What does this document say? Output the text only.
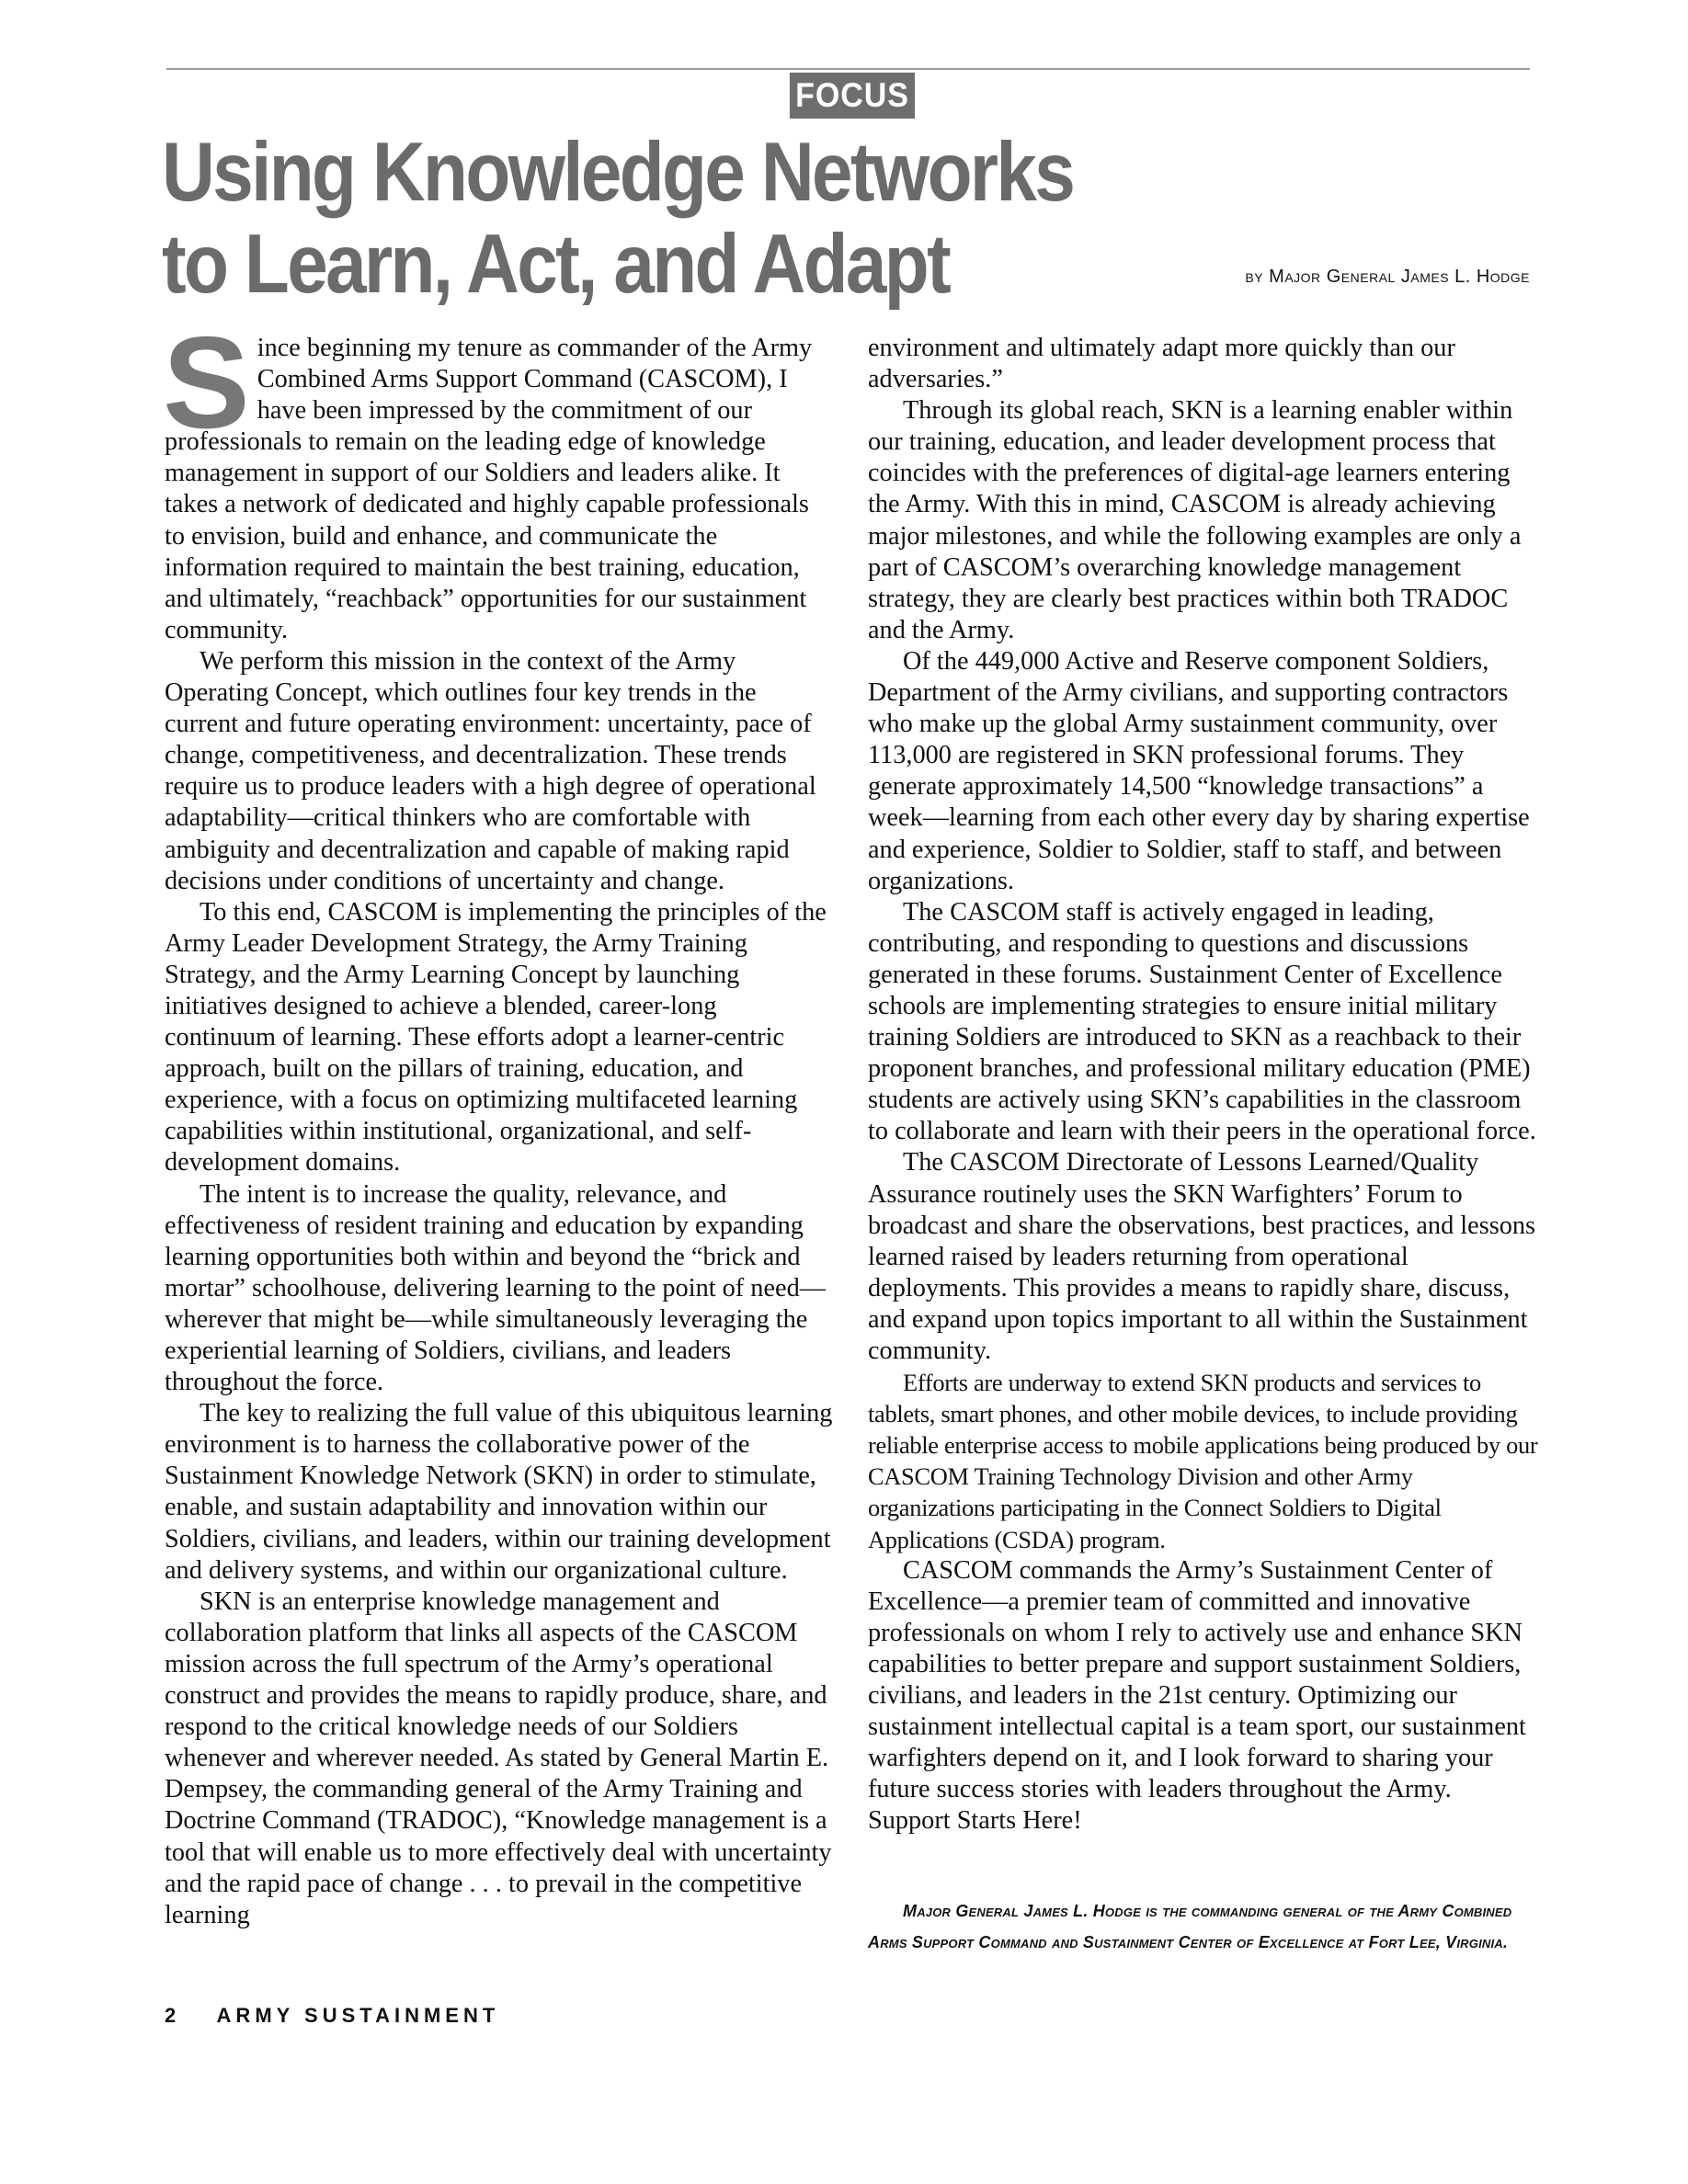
FOCUS
Using Knowledge Networks
to Learn, Act, and Adapt	by Major General James L. Hodge

Since beginning my tenure as commander of the Army Combined Arms Support Command (CASCOM), I have been impressed by the commitment of our professionals to remain on the leading edge of knowledge management in support of our Soldiers and leaders alike. It takes a network of dedicated and highly capable professionals to envision, build and enhance, and communicate the information required to maintain the best training, education, and ultimately, “reachback” opportunities for our sustainment community.

We perform this mission in the context of the Army Operating Concept, which outlines four key trends in the current and future operating environment: uncertainty, pace of change, competitiveness, and decentralization. These trends require us to produce leaders with a high degree of operational adaptability—critical thinkers who are comfortable with ambiguity and decentralization and capable of making rapid decisions under conditions of uncertainty and change.

To this end, CASCOM is implementing the principles of the Army Leader Development Strategy, the Army Training Strategy, and the Army Learning Concept by launching initiatives designed to achieve a blended, career-long continuum of learning. These efforts adopt a learner-centric approach, built on the pillars of training, education, and experience, with a focus on optimizing multifaceted learning capabilities within institutional, organizational, and self-development domains.

The intent is to increase the quality, relevance, and effectiveness of resident training and education by expanding learning opportunities both within and beyond the “brick and mortar” schoolhouse, delivering learning to the point of need—wherever that might be—while simultaneously leveraging the experiential learning of Soldiers, civilians, and leaders throughout the force.

The key to realizing the full value of this ubiquitous learning environment is to harness the collaborative power of the Sustainment Knowledge Network (SKN) in order to stimulate, enable, and sustain adaptability and innovation within our Soldiers, civilians, and leaders, within our training development and delivery systems, and within our organizational culture.

SKN is an enterprise knowledge management and collaboration platform that links all aspects of the CASCOM mission across the full spectrum of the Army’s operational construct and provides the means to rapidly produce, share, and respond to the critical knowledge needs of our Soldiers whenever and wherever needed. As stated by General Martin E. Dempsey, the commanding general of the Army Training and Doctrine Command (TRADOC), “Knowledge management is a tool that will enable us to more effectively deal with uncertainty and the rapid pace of change . . . to prevail in the competitive learning

environment and ultimately adapt more quickly than our adversaries.”

Through its global reach, SKN is a learning enabler within our training, education, and leader development process that coincides with the preferences of digital-age learners entering the Army. With this in mind, CASCOM is already achieving major milestones, and while the following examples are only a part of CASCOM’s overarching knowledge management strategy, they are clearly best practices within both TRADOC and the Army.

Of the 449,000 Active and Reserve component Soldiers, Department of the Army civilians, and supporting contractors who make up the global Army sustainment community, over 113,000 are registered in SKN professional forums. They generate approximately 14,500 “knowledge transactions” a week—learning from each other every day by sharing expertise and experience, Soldier to Soldier, staff to staff, and between organizations.

The CASCOM staff is actively engaged in leading, contributing, and responding to questions and discussions generated in these forums. Sustainment Center of Excellence schools are implementing strategies to ensure initial military training Soldiers are introduced to SKN as a reachback to their proponent branches, and professional military education (PME) students are actively using SKN’s capabilities in the classroom to collaborate and learn with their peers in the operational force.

The CASCOM Directorate of Lessons Learned/Quality Assurance routinely uses the SKN Warfighters’ Forum to broadcast and share the observations, best practices, and lessons learned raised by leaders returning from operational deployments. This provides a means to rapidly share, discuss, and expand upon topics important to all within the Sustainment community.

Efforts are underway to extend SKN products and services to tablets, smart phones, and other mobile devices, to include providing reliable enterprise access to mobile applications being produced by our CASCOM Training Technology Division and other Army organizations participating in the Connect Soldiers to Digital Applications (CSDA) program.

CASCOM commands the Army’s Sustainment Center of Excellence—a premier team of committed and innovative professionals on whom I rely to actively use and enhance SKN capabilities to better prepare and support sustainment Soldiers, civilians, and leaders in the 21st century. Optimizing our sustainment intellectual capital is a team sport, our sustainment warfighters depend on it, and I look forward to sharing your future success stories with leaders throughout the Army. Support Starts Here!

Major General James L. Hodge is the commanding general of the Army Combined Arms Support Command and Sustainment Center of Excellence at Fort Lee, Virginia.
2 ARMY SUSTAINMENT
